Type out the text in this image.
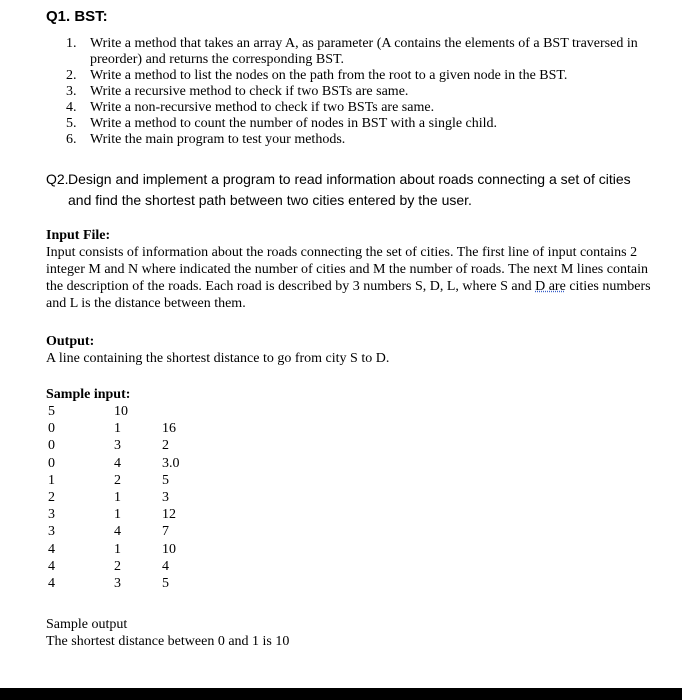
Q1. BST:
1. Write a method that takes an array A, as parameter (A contains the elements of a BST traversed in preorder) and returns the corresponding BST.
2. Write a method to list the nodes on the path from the root to a given node in the BST.
3. Write a recursive method to check if two BSTs are same.
4. Write a non-recursive method to check if two BSTs are same.
5. Write a method to count the number of nodes in BST with a single child.
6. Write the main program to test your methods.
Q2. Design and implement a program to read information about roads connecting a set of cities and find the shortest path between two cities entered by the user.
Input File:
Input consists of information about the roads connecting the set of cities. The first line of input contains 2 integer M and N where indicated the number of cities and M the number of roads. The next M lines contain the description of the roads. Each road is described by 3 numbers S, D, L, where S and D are cities numbers and L is the distance between them.
Output:
A line containing the shortest distance to go from city S to D.
Sample input:
5	10
0	1	16
0	3	2
0	4	3.0
1	2	5
2	1	3
3	1	12
3	4	7
4	1	10
4	2	4
4	3	5
Sample output
The shortest distance between 0 and 1 is 10
